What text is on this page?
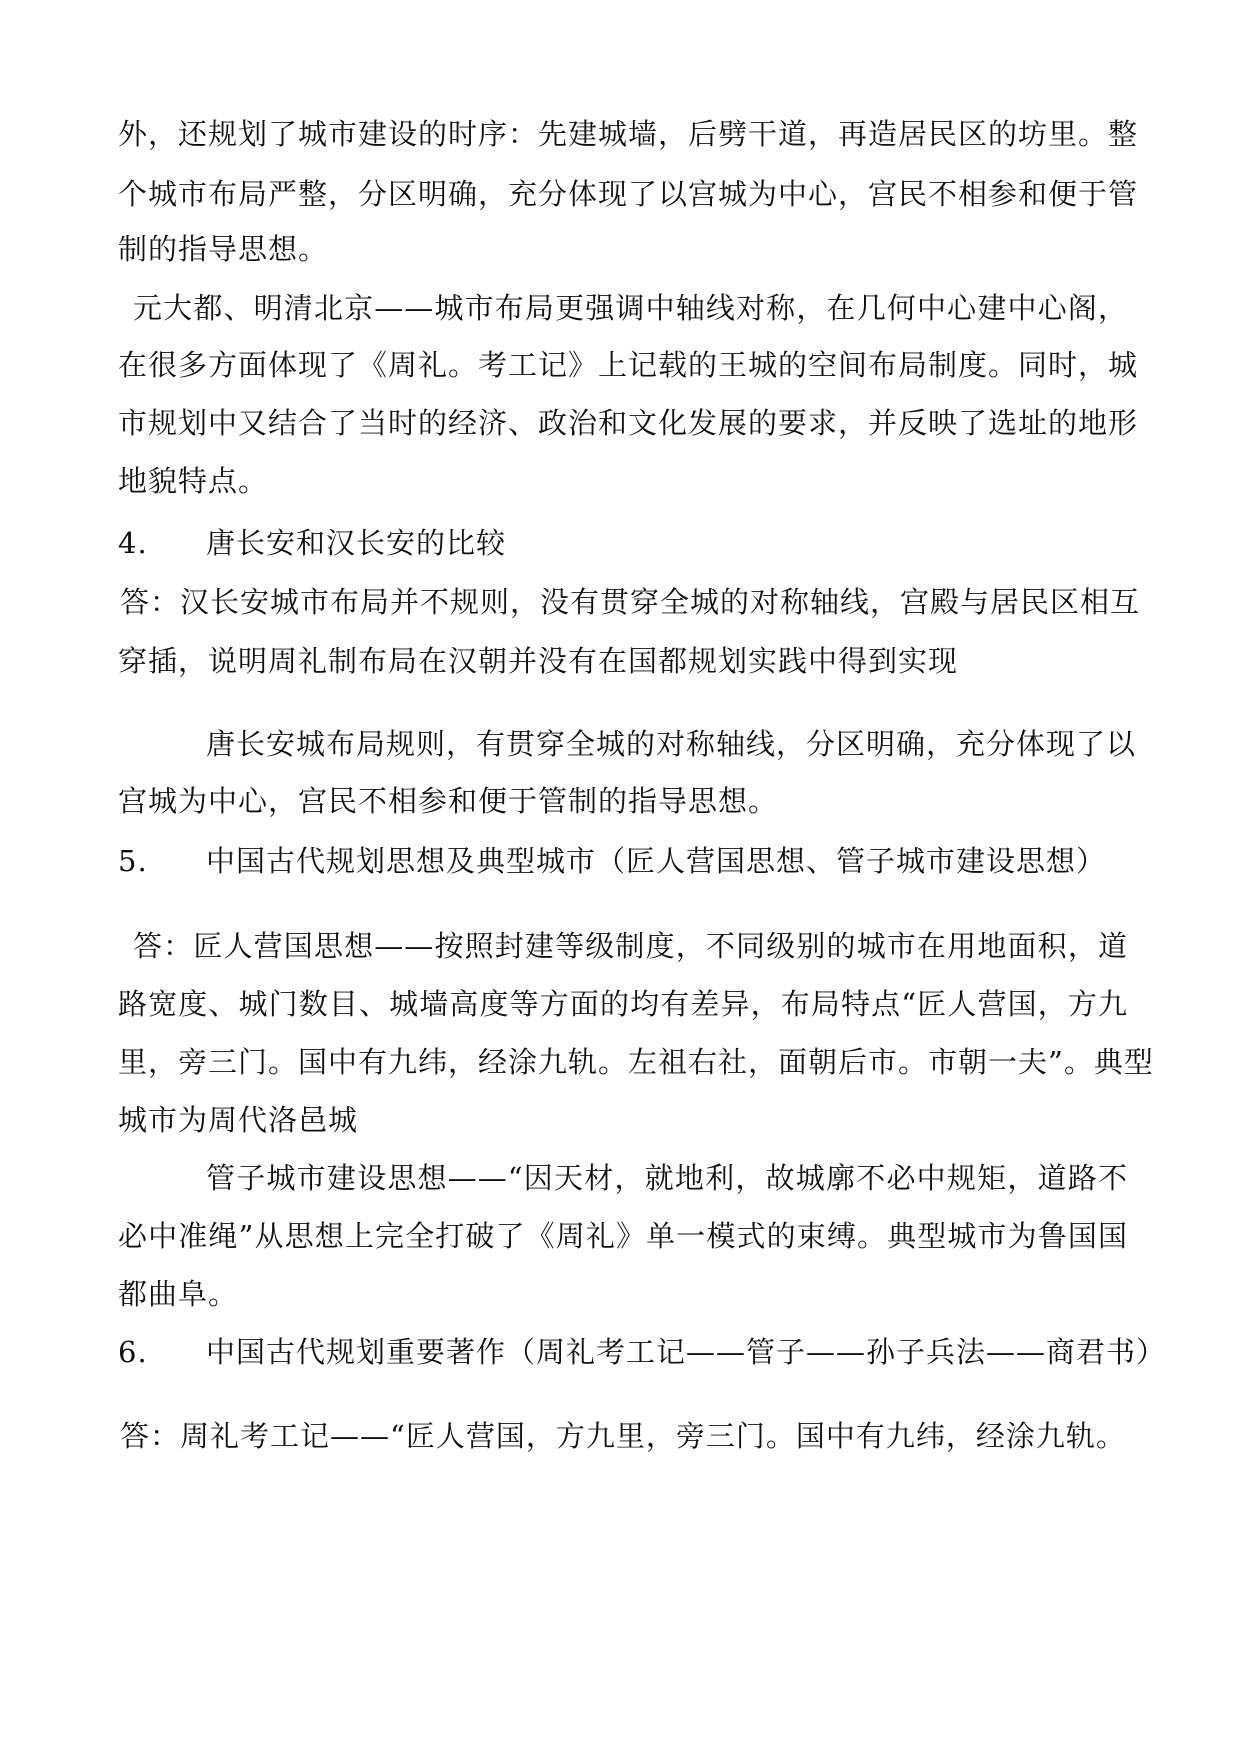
外，还规划了城市建设的时序：先建城墙，后劈干道，再造居民区的坊里。整
个城市布局严整，分区明确，充分体现了以宫城为中心，宫民不相参和便于管
制的指导思想。
元大都、明清北京——城市布局更强调中轴线对称，在几何中心建中心阁，
在很多方面体现了《周礼。考工记》上记载的王城的空间布局制度。同时，城
市规划中又结合了当时的经济、政治和文化发展的要求，并反映了选址的地形
地貌特点。
4. 唐长安和汉长安的比较
答：汉长安城市布局并不规则，没有贯穿全城的对称轴线，宫殿与居民区相互
穿插，说明周礼制布局在汉朝并没有在国都规划实践中得到实现
唐长安城布局规则，有贯穿全城的对称轴线，分区明确，充分体现了以
宫城为中心，宫民不相参和便于管制的指导思想。
5. 中国古代规划思想及典型城市（匠人营国思想、管子城市建设思想）
答：匠人营国思想——按照封建等级制度，不同级别的城市在用地面积，道
路宽度、城门数目、城墙高度等方面的均有差异，布局特点“匠人营国，方九
里，旁三门。国中有九纬，经涂九轨。左祖右社，面朝后市。市朝一夫”。典型
城市为周代洛邑城
管子城市建设思想——“因天材，就地利，故城廓不必中规矩，道路不
必中准绳”从思想上完全打破了《周礼》单一模式的束缚。典型城市为鲁国国
都曲阜。
6. 中国古代规划重要著作（周礼考工记——管子——孙子兵法——商君书）
答：周礼考工记——“匠人营国，方九里，旁三门。国中有九纬，经涂九轨。
